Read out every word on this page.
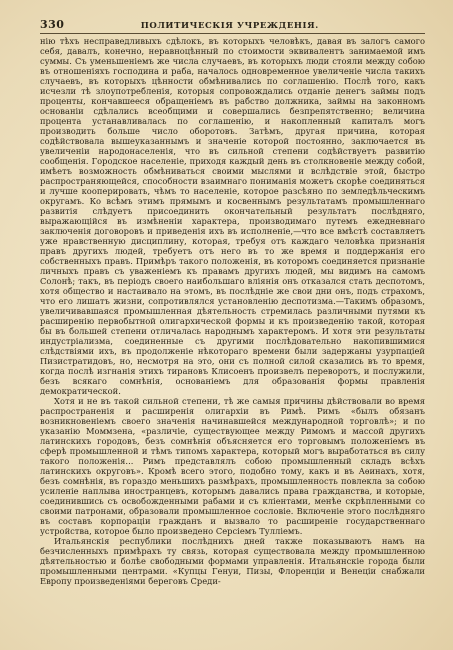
330	ПОЛИТИЧЕСКІЯ УЧРЕЖДЕНІЯ.

нію тѣхъ несправедливыхъ сдѣлокъ, въ которыхъ человѣкъ, давая въ залогъ самого себя, давалъ, конечно, неравноцѣнный по стоимости эквивалентъ занимаемой имъ суммы. Съ уменьшеніемъ же числа случаевъ, въ которыхъ люди стояли между собою въ отношеніяхъ господина и раба, началось одновременное увеличеніе числа такихъ случаевъ, въ которыхъ цѣнности обмѣнивались по соглашенію. Послѣ того, какъ исчезли тѣ злоупотребленія, которыя сопровождались отданіе денегъ займы подъ проценты, кончавшееся обращеніемъ въ рабство должника, займы на законномъ основаніи сдѣлались всеобщими и совершались безпрепятственно; величина процента устанавливалась по соглашенію, и накопленный капиталъ могъ производить больше число оборотовъ. Затѣмъ, другая причина, которая содѣйствовала вышеуказаннымъ и значеніе которой постоянно, заключается въ увеличеніи народонаселенія, что въ сильной степени содѣйствуетъ развитію сообщенія. Городское населеніе, приходя каждый день въ столкновеніе между собой, имѣетъ возможность обмѣниваться своими мыслями и вслѣдствіе этой, быстро распространяющейся, способности взаимнаго пониманія можетъ скорѣе соединяться и лучше кооперировать, чѣмъ то населеніе, которое разсѣяно по земледѣльческимъ округамъ. Ко всѣмъ этимъ прямымъ и косвеннымъ результатамъ промышленнаго развитія слѣдуетъ присоединить окончательный результатъ послѣдняго, выражающійся въ измѣненіи характера, производимаго путемъ ежедневнаго заключенія договоровъ и приведенія ихъ въ исполненіе,—что все вмѣстѣ составляетъ уже нравственную дисциплину, которая, требуя отъ каждаго человѣка признанія правъ другихъ людей, требуетъ отъ него въ то же время и поддержанія его собственныхъ правъ. Примѣръ такого положенія, въ которомъ соединяется признаніе личныхъ правъ съ уваженіемъ къ правамъ другихъ людей, мы видимъ на самомъ Солонѣ; такъ, въ періодъ своего наибольшаго вліянія онъ отказался стать деспотомъ, хотя общество и настаивало на этомъ, въ послѣдніе же свои дни онъ, подъ страхомъ, что его лишатъ жизни, сопротивлялся установленію деспотизма.—Такимъ образомъ, увеличивавшаяся промышленная дѣятельность стремилась различными путями къ расширенію первобытной олигархической формы и къ произведенію такой, которая бы въ большей степени отличалась народнымъ характеромъ. И хотя эти результаты индустріализма, соединенные съ другими послѣдовательно накопившимися слѣдствіями ихъ, въ продолженіе нѣкотораго времени были задержаны узурпацiей Пизистратидовъ, но, несмотря на это, они съ полной силой сказались въ то время, когда послѣ изгнанія этихъ тирановъ Клисоенъ произвелъ переворотъ, и послужили, безъ всякаго сомнѣнія, основаніемъ для образованія формы правленія демократической.

Хотя и не въ такой сильной степени, тѣ же самыя причины дѣйствовали во время распространенія и расширенія олигархіи въ Римѣ. Римъ «былъ обязанъ возникновеніемъ своего значенія начинавшейся международной торговлѣ»; и по указанію Моммзена, «различіе, существующее между Римомъ и массой другихъ латинскихъ городовъ, безъ сомнѣнія объясняется его торговымъ положеніемъ въ сферѣ промышленной и тѣмъ типомъ характера, который могъ выработаться въ силу такого положенія... Римъ представлялъ собою промышленный складъ всѣхъ латинскихъ округовъ». Кромѣ всего этого, подобно тому, какъ и въ Аѳинахъ, хотя, безъ сомнѣнія, въ гораздо меньшихъ размѣрахъ, промышленность повлекла за собою усиленіе наплыва иностранцевъ, которымъ давались права гражданства, и которые, соединившись съ освобожденными рабами и съ кліентами, менѣе скрѣпленными со своими патронами, образовали промышленное сословіе. Включеніе этого послѣдняго въ составъ корпораціи гражданъ и вызвало то расширеніе государственнаго устройства, которое было произведено Серсіемъ Тулліемъ.

Итальянскія республики послѣднихъ дней также показываютъ намъ на безчисленныхъ примѣрахъ ту связь, которая существовала между промышленною дѣятельностью и болѣе свободными формами управленія. Итальянскіе города были промышленными центрами. «Купцы Генуи, Пизы, Флоренціи и Венеціи снабжали Европу произведеніями береговъ Среди-
